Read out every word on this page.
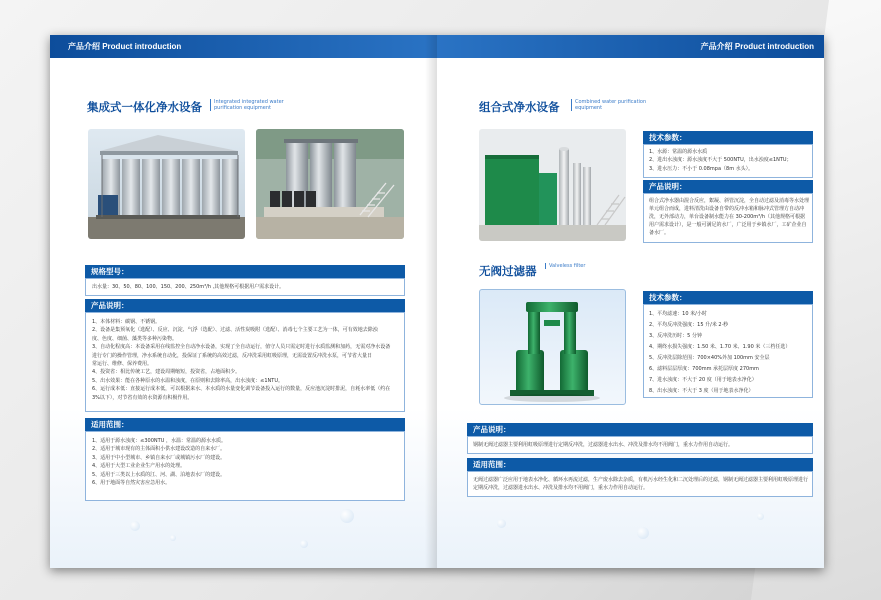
产品介绍 Product introduction
集成式一体化净水设备	Integrated integrated water purification equipment
规格型号：
出水量：30、50、80、100、150、200、250m³/h ,其他规格可根据用户需求设计。
产品说明：
1、本体材料：碳钢、不锈钢。
2、设备是集预氧化（选配）、反应、沉淀、气浮（选配）、过滤、活性炭吸附（选配）、消毒七个主要工艺为一体，可有效地去除浊
度、色度、细菌、藻类等多种污染物。
3、自动化程度高：本设备采用在线监控全自动净水设备，实现了全自动运行，值守人员只需定时进行水质监测和加药，无需对净水设备
进行专门的操作管理，净水系统自动化，投保证了系统的高效过滤，反冲洗采用虹吸原理，无需设置反冲洗水泵，可节省大量日
常运行、维修、保养费用。
4、投资省：相比传统工艺，建设周期缩短，投资省，占地面积少。
5、出水效果：能在各种原水的水温和浊度，在原则和去除率高，出水浊度：≤1NTU。
6、运行成本低：直接运行成本低，可以根据来水、本水质的水量变化调节设备投入运行的数量，反应池沉淀时排泥，自耗水率低（约在
3%以下），对节省有效的水资源有积极作用。
适用范围：
1、适用于源水浊度：≤300NTU ，水温：常温的源水水质。
2、适用于城市现有的主体面积小供水建设改造的自来水厂。
3、适用于中小型城市、乡镇自来水厂或城镇污水厂的建设。
4、适用于大型工业企业生产用水的处理。
5、适用于三类以上水质的江、河、湖、泊地表水厂的建设。
6、用于地面等自然灾害应急用水。
产品介绍 Product introduction
组合式净水设备	Combined water purification equipment
技术参数：
1、水源：常温的源水水质
2、进出水浊度：源水浊度不大于 500NTU，出水浊度≤1NTU；
3、进水压力：不小于 0.08mpa（8m 水头）。
产品说明：
组合式净水器由混合反应，絮凝、斜管沉淀，全自动过滤及消毒等水处理单元组合而成，进料清洗由设备自带的反冲水箱和脉冲式管理方自动冲洗，无外部动力，单台设备制水能力在 30-200m³/h（其他规格可根据用户需求设计），是一般可满足的水厂，广泛用于乡镇水厂，工矿企业自备水厂。
无阀过滤器	Valveless filter
技术参数：
1、平均滤速：10 米/小时
2、平均反冲洗强度：15 升/米 2·秒
3、反冲洗历时：5 分钟
4、期终水损失强度：1.50 米、1.70 米、1.90 米（三档任选）
5、反冲洗层除范围：700×40%外加 100mm 安全层
6、滤料层层厚度：700mm 承托层厚度 270mm
7、进水浊度：不大于 20 度（用于地表水净化）
8、出水浊度：不大于 3 度（用于地表水净化）
产品说明：
钢制无阀过滤器主要利用虹吸原理进行定期反冲洗，过滤器进水出水、冲洗及排水均不用阀门，重水力作用自动运行。
适用范围：
无阀过滤器广泛应用于地表水净化、循环水再流过滤，生产废水除去杂质，有机污水经生化和二沉处理后的过滤，钢制无阀过滤器主要利用虹吸原理进行定期反冲洗，过滤器进水出水、冲洗及排水均不用阀门，重水力作用自动运行。
